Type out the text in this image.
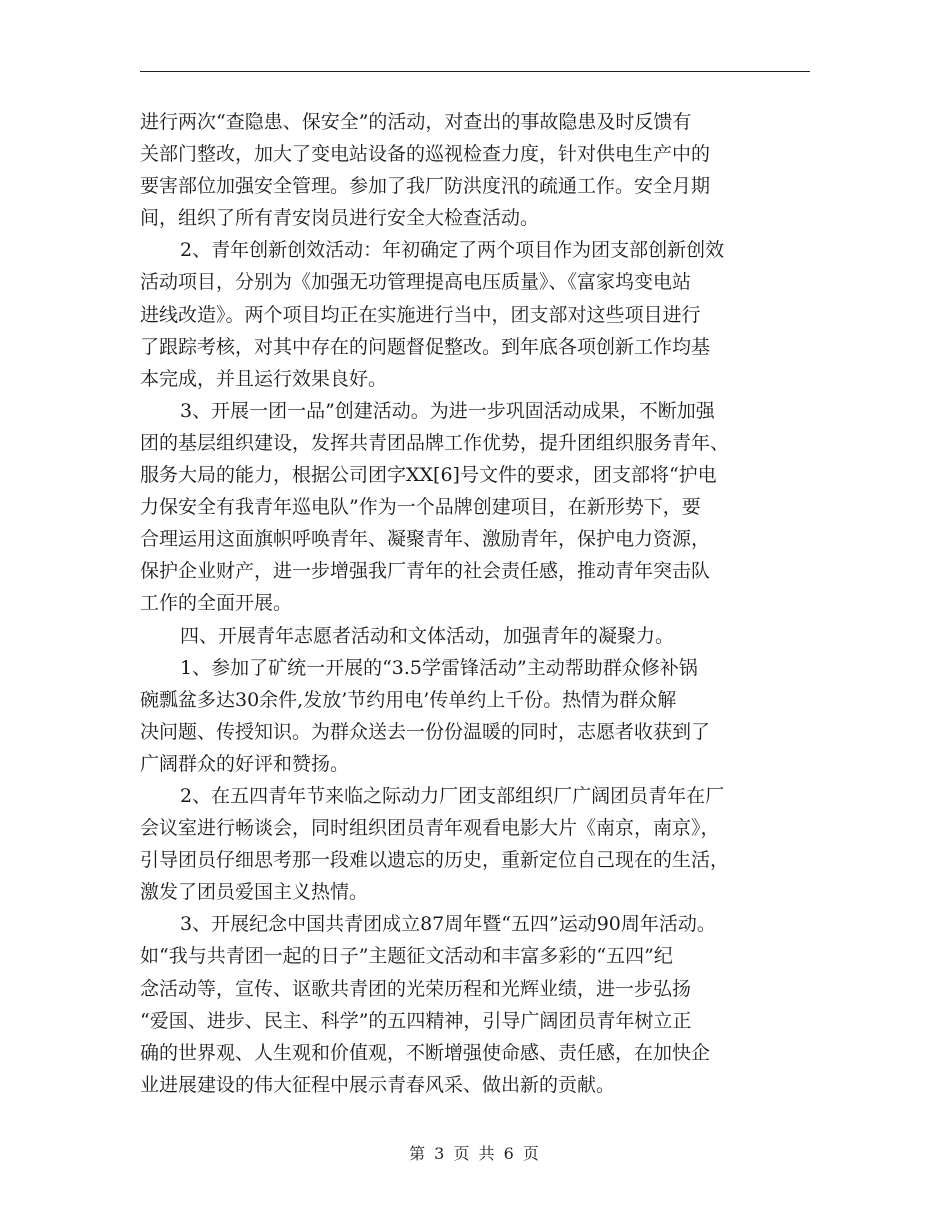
进行两次“查隐患、保安全”的活动，对查出的事故隐患及时反馈有
关部门整改，加大了变电站设备的巡视检查力度，针对供电生产中的
要害部位加强安全管理。参加了我厂防洪度汛的疏通工作。安全月期
间，组织了所有青安岗员进行安全大检查活动。
2、青年创新创效活动：年初确定了两个项目作为团支部创新创效
活动项目，分别为《加强无功管理提高电压质量》、《富家坞变电站
进线改造》。两个项目均正在实施进行当中，团支部对这些项目进行
了跟踪考核，对其中存在的问题督促整改。到年底各项创新工作均基
本完成，并且运行效果良好。
3、开展一团一品”创建活动。为进一步巩固活动成果，不断加强
团的基层组织建设，发挥共青团品牌工作优势，提升团组织服务青年、
服务大局的能力，根据公司团字XX[6]号文件的要求，团支部将“护电
力保安全有我青年巡电队”作为一个品牌创建项目，在新形势下，要
合理运用这面旗帜呼唤青年、凝聚青年、激励青年，保护电力资源，
保护企业财产，进一步增强我厂青年的社会责任感，推动青年突击队
工作的全面开展。
四、开展青年志愿者活动和文体活动，加强青年的凝聚力。
1、参加了矿统一开展的“3.5学雷锋活动”主动帮助群众修补锅
碗瓢盆多达30余件,发放’节约用电’传单约上千份。热情为群众解
决问题、传授知识。为群众送去一份份温暖的同时，志愿者收获到了
广阔群众的好评和赞扬。
2、在五四青年节来临之际动力厂团支部组织厂广阔团员青年在厂
会议室进行畅谈会，同时组织团员青年观看电影大片《南京，南京》，
引导团员仔细思考那一段难以遗忘的历史，重新定位自己现在的生活，
激发了团员爱国主义热情。
3、开展纪念中国共青团成立87周年暨“五四”运动90周年活动。
如“我与共青团一起的日子”主题征文活动和丰富多彩的“五四”纪
念活动等，宣传、讴歌共青团的光荣历程和光辉业绩，进一步弘扬
“爱国、进步、民主、科学”的五四精神，引导广阔团员青年树立正
确的世界观、人生观和价值观，不断增强使命感、责任感，在加快企
业进展建设的伟大征程中展示青春风采、做出新的贡献。
第 3 页 共 6 页
